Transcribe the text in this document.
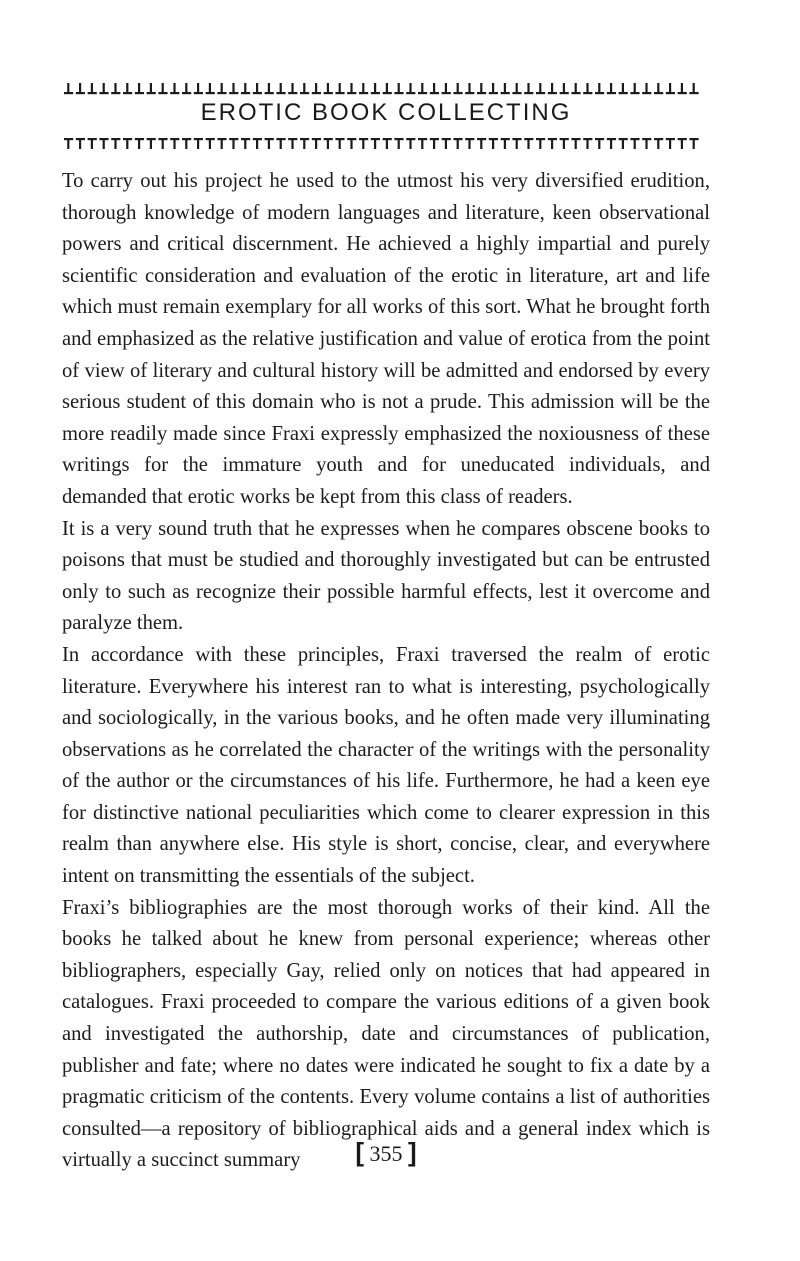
EROTIC BOOK COLLECTING

To carry out his project he used to the utmost his very diversified erudition, thorough knowledge of modern languages and literature, keen observational powers and critical discernment. He achieved a highly impartial and purely scientific consideration and evaluation of the erotic in literature, art and life which must remain exemplary for all works of this sort. What he brought forth and emphasized as the relative justification and value of erotica from the point of view of literary and cultural history will be admitted and endorsed by every serious student of this domain who is not a prude. This admission will be the more readily made since Fraxi expressly emphasized the noxiousness of these writings for the immature youth and for uneducated individuals, and demanded that erotic works be kept from this class of readers.

It is a very sound truth that he expresses when he compares obscene books to poisons that must be studied and thoroughly investigated but can be entrusted only to such as recognize their possible harmful effects, lest it overcome and paralyze them.

In accordance with these principles, Fraxi traversed the realm of erotic literature. Everywhere his interest ran to what is interesting, psychologically and sociologically, in the various books, and he often made very illuminating observations as he correlated the character of the writings with the personality of the author or the circumstances of his life. Furthermore, he had a keen eye for distinctive national peculiarities which come to clearer expression in this realm than anywhere else. His style is short, concise, clear, and everywhere intent on transmitting the essentials of the subject.

Fraxi’s bibliographies are the most thorough works of their kind. All the books he talked about he knew from personal experience; whereas other bibliographers, especially Gay, relied only on notices that had appeared in catalogues. Fraxi proceeded to compare the various editions of a given book and investigated the authorship, date and circumstances of publication, publisher and fate; where no dates were indicated he sought to fix a date by a pragmatic criticism of the contents. Every volume contains a list of authorities consulted—a repository of bibliographical aids and a general index which is virtually a succinct summary	[ 355 ]
